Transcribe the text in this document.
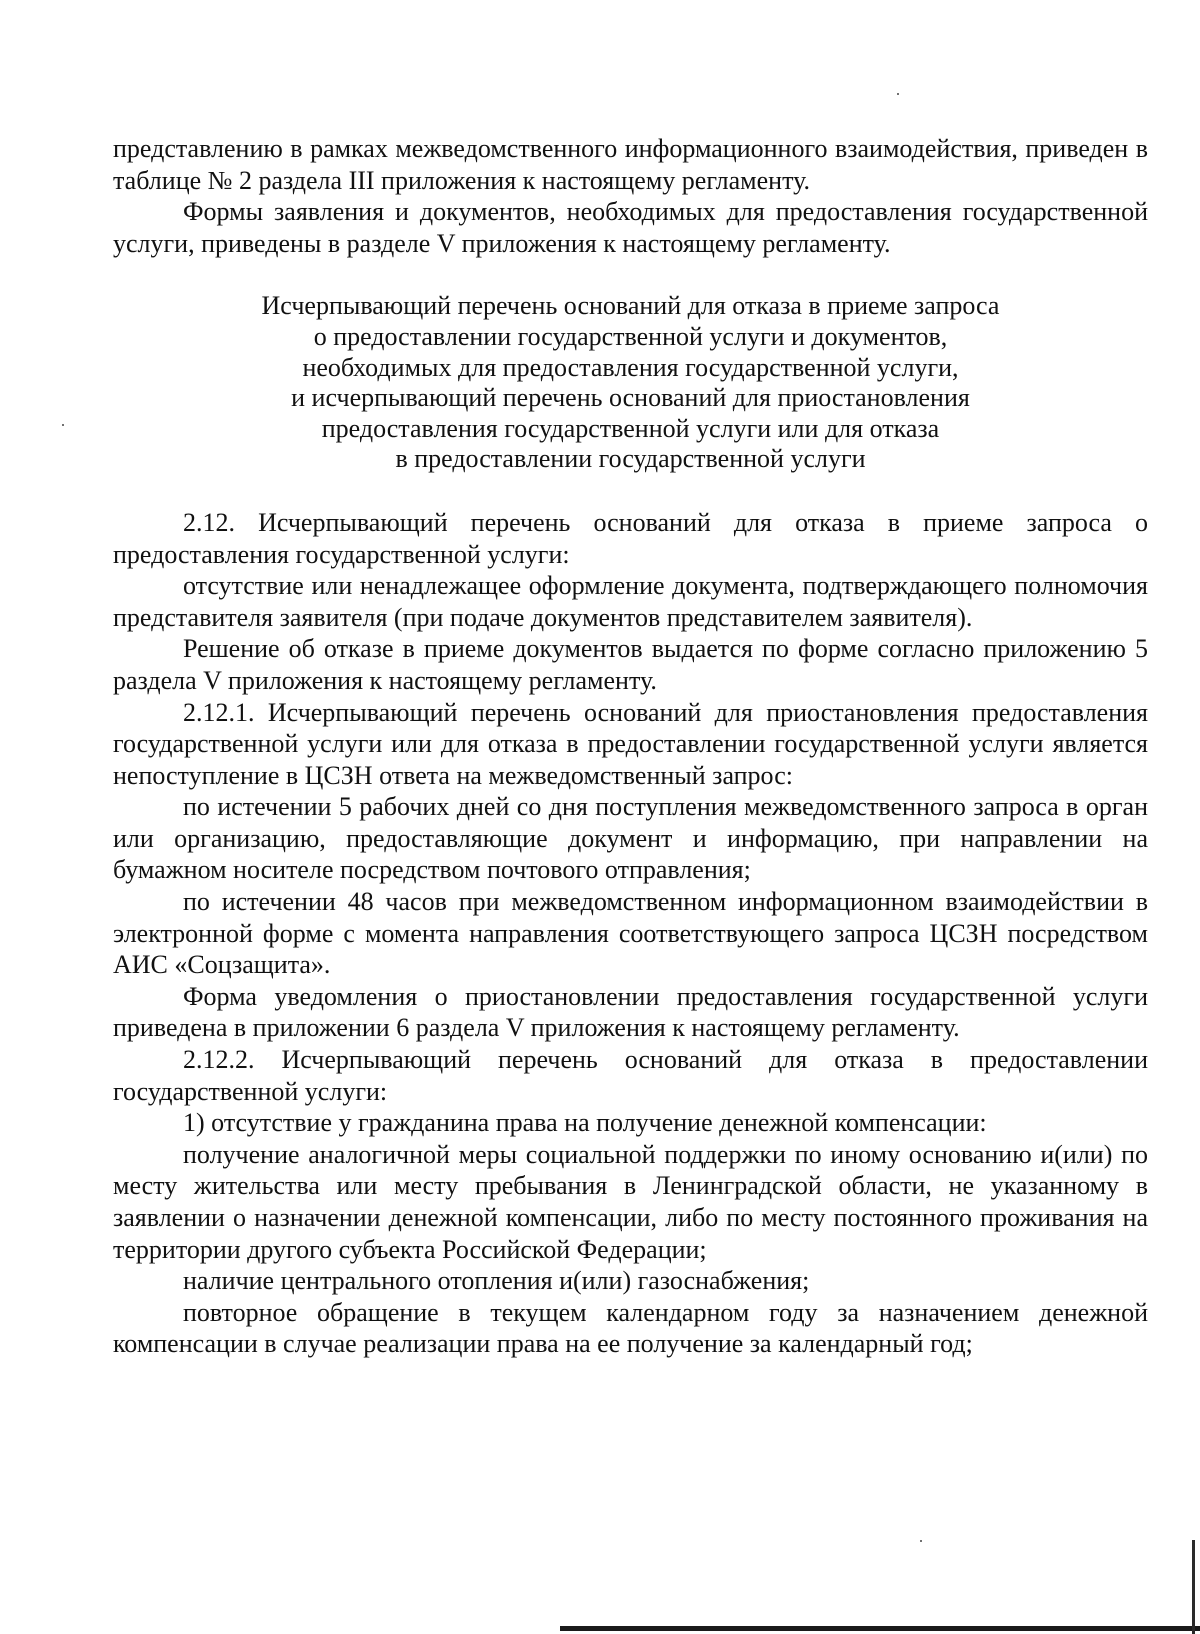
представлению в рамках межведомственного информационного взаимодействия, приведен в таблице № 2 раздела III приложения к настоящему регламенту.

Формы заявления и документов, необходимых для предоставления государственной услуги, приведены в разделе V приложения к настоящему регламенту.

Исчерпывающий перечень оснований для отказа в приеме запроса
о предоставлении государственной услуги и документов,
необходимых для предоставления государственной услуги,
и исчерпывающий перечень оснований для приостановления
предоставления государственной услуги или для отказа
в предоставлении государственной услуги

2.12. Исчерпывающий перечень оснований для отказа в приеме запроса о предоставления государственной услуги:

отсутствие или ненадлежащее оформление документа, подтверждающего полномочия представителя заявителя (при подаче документов представителем заявителя).

Решение об отказе в приеме документов выдается по форме согласно приложению 5 раздела V приложения к настоящему регламенту.

2.12.1. Исчерпывающий перечень оснований для приостановления предоставления государственной услуги или для отказа в предоставлении государственной услуги является непоступление в ЦСЗН ответа на межведомственный запрос:

по истечении 5 рабочих дней со дня поступления межведомственного запроса в орган или организацию, предоставляющие документ и информацию, при направлении на бумажном носителе посредством почтового отправления;

по истечении 48 часов при межведомственном информационном взаимодействии в электронной форме с момента направления соответствующего запроса ЦСЗН посредством АИС «Соцзащита».

Форма уведомления о приостановлении предоставления государственной услуги приведена в приложении 6 раздела V приложения к настоящему регламенту.

2.12.2. Исчерпывающий перечень оснований для отказа в предоставлении государственной услуги:

1) отсутствие у гражданина права на получение денежной компенсации:

получение аналогичной меры социальной поддержки по иному основанию и(или) по месту жительства или месту пребывания в Ленинградской области, не указанному в заявлении о назначении денежной компенсации, либо по месту постоянного проживания на территории другого субъекта Российской Федерации;

наличие центрального отопления и(или) газоснабжения;

повторное обращение в текущем календарном году за назначением денежной компенсации в случае реализации права на ее получение за календарный год;
